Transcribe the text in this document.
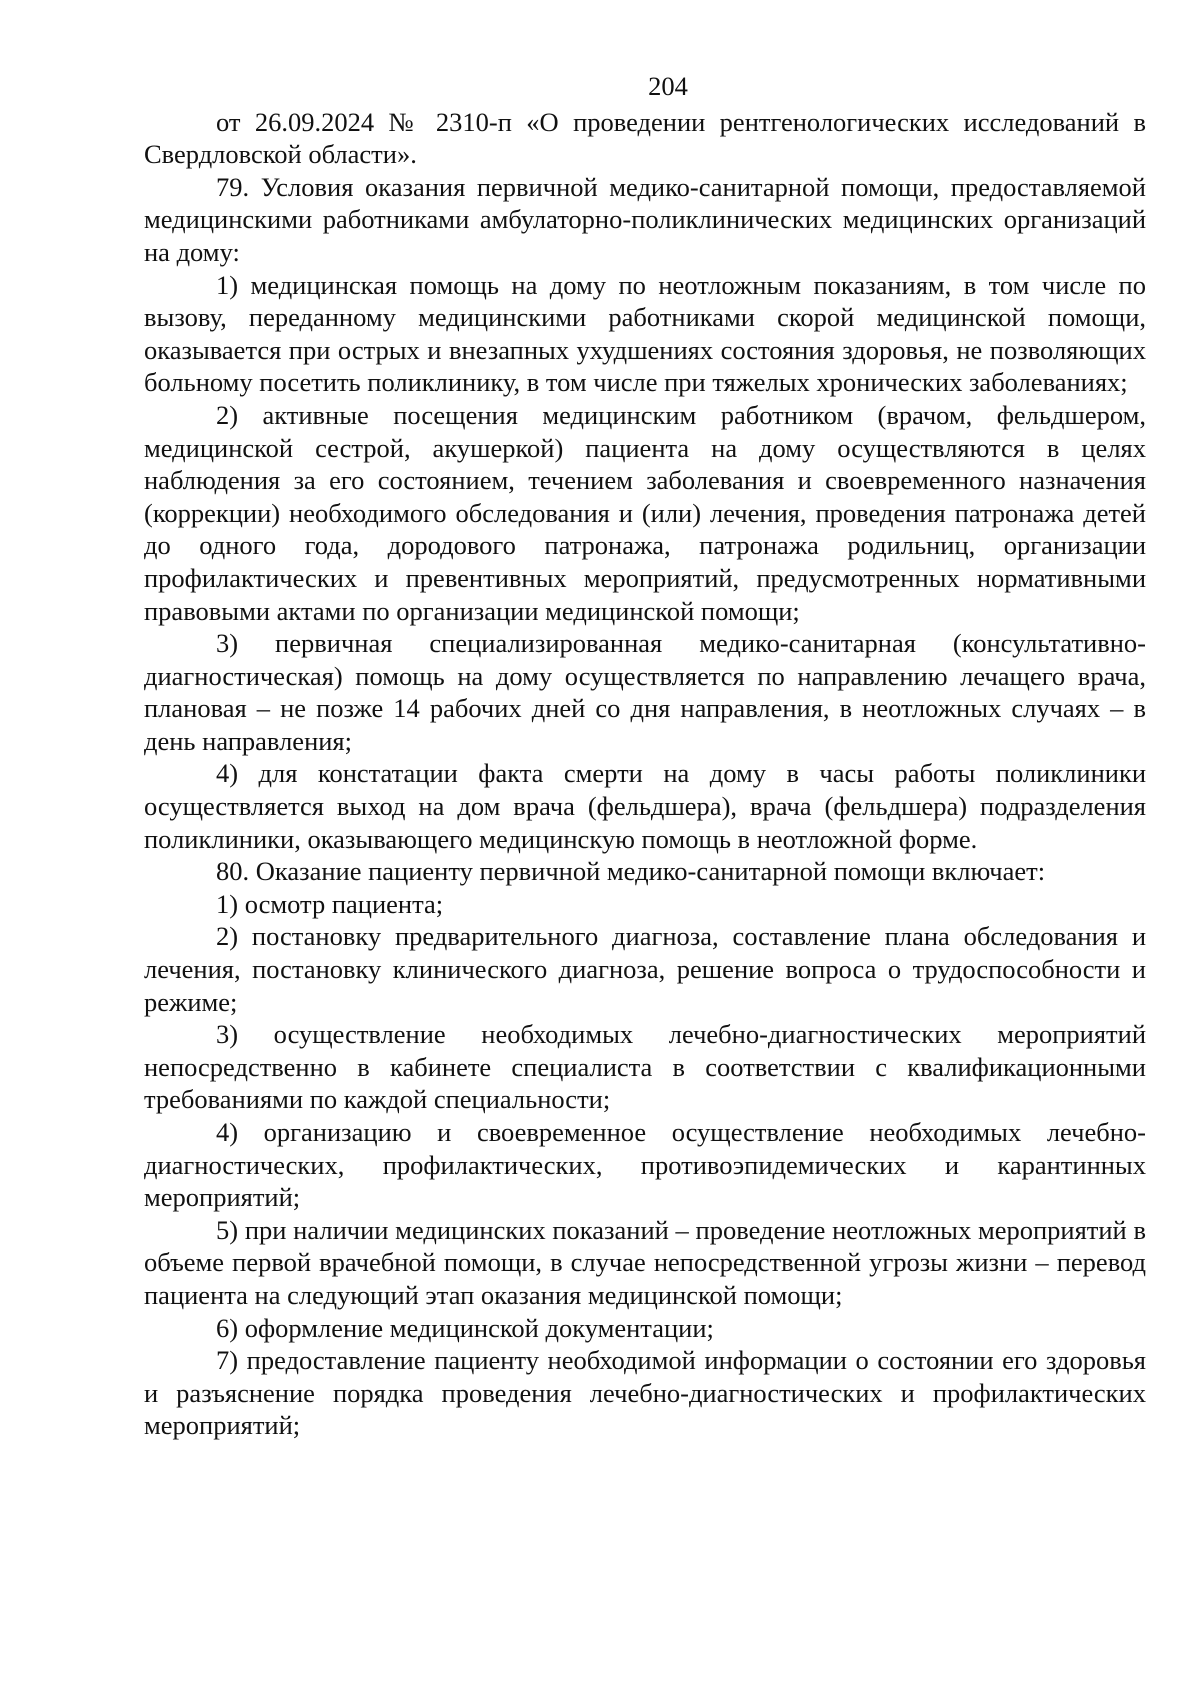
204

от 26.09.2024 № 2310-п «О проведении рентгенологических исследований в Свердловской области».

79. Условия оказания первичной медико-санитарной помощи, предоставляемой медицинскими работниками амбулаторно-поликлинических медицинских организаций на дому:

1) медицинская помощь на дому по неотложным показаниям, в том числе по вызову, переданному медицинскими работниками скорой медицинской помощи, оказывается при острых и внезапных ухудшениях состояния здоровья, не позволяющих больному посетить поликлинику, в том числе при тяжелых хронических заболеваниях;

2) активные посещения медицинским работником (врачом, фельдшером, медицинской сестрой, акушеркой) пациента на дому осуществляются в целях наблюдения за его состоянием, течением заболевания и своевременного назначения (коррекции) необходимого обследования и (или) лечения, проведения патронажа детей до одного года, дородового патронажа, патронажа родильниц, организации профилактических и превентивных мероприятий, предусмотренных нормативными правовыми актами по организации медицинской помощи;

3) первичная специализированная медико-санитарная (консультативно-диагностическая) помощь на дому осуществляется по направлению лечащего врача, плановая – не позже 14 рабочих дней со дня направления, в неотложных случаях – в день направления;

4) для констатации факта смерти на дому в часы работы поликлиники осуществляется выход на дом врача (фельдшера), врача (фельдшера) подразделения поликлиники, оказывающего медицинскую помощь в неотложной форме.

80. Оказание пациенту первичной медико-санитарной помощи включает:

1) осмотр пациента;

2) постановку предварительного диагноза, составление плана обследования и лечения, постановку клинического диагноза, решение вопроса о трудоспособности и режиме;

3) осуществление необходимых лечебно-диагностических мероприятий непосредственно в кабинете специалиста в соответствии с квалификационными требованиями по каждой специальности;

4) организацию и своевременное осуществление необходимых лечебно-диагностических, профилактических, противоэпидемических и карантинных мероприятий;

5) при наличии медицинских показаний – проведение неотложных мероприятий в объеме первой врачебной помощи, в случае непосредственной угрозы жизни – перевод пациента на следующий этап оказания медицинской помощи;

6) оформление медицинской документации;

7) предоставление пациенту необходимой информации о состоянии его здоровья и разъяснение порядка проведения лечебно-диагностических и профилактических мероприятий;
